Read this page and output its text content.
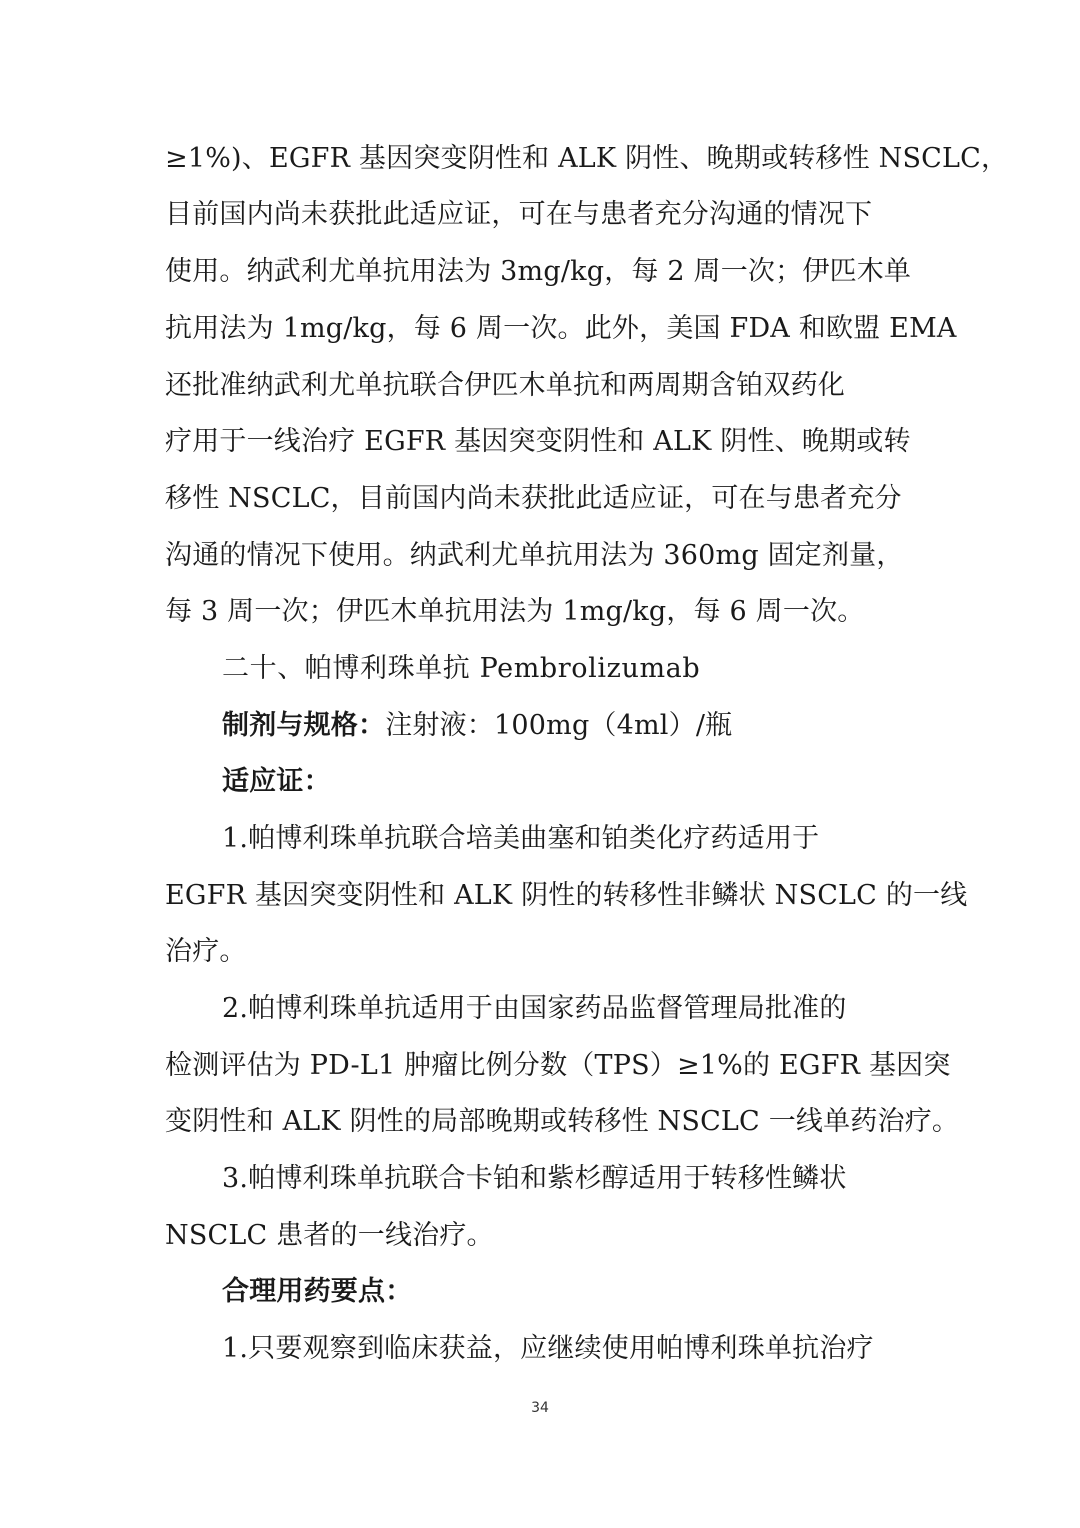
≥1%)、EGFR 基因突变阴性和 ALK 阴性、晚期或转移性 NSCLC，
目前国内尚未获批此适应证，可在与患者充分沟通的情况下
使用。纳武利尤单抗用法为 3mg/kg，每 2 周一次；伊匹木单
抗用法为 1mg/kg，每 6 周一次。此外，美国 FDA 和欧盟 EMA
还批准纳武利尤单抗联合伊匹木单抗和两周期含铂双药化
疗用于一线治疗 EGFR 基因突变阴性和 ALK 阴性、晚期或转
移性 NSCLC，目前国内尚未获批此适应证，可在与患者充分
沟通的情况下使用。纳武利尤单抗用法为 360mg 固定剂量，
每 3 周一次；伊匹木单抗用法为 1mg/kg，每 6 周一次。
二十、帕博利珠单抗 Pembrolizumab
制剂与规格：注射液：100mg（4ml）/瓶
适应证：
1.帕博利珠单抗联合培美曲塞和铂类化疗药适用于
EGFR 基因突变阴性和 ALK 阴性的转移性非鳞状 NSCLC 的一线
治疗。
2.帕博利珠单抗适用于由国家药品监督管理局批准的
检测评估为 PD-L1 肿瘤比例分数（TPS）≥1%的 EGFR 基因突
变阴性和 ALK 阴性的局部晚期或转移性 NSCLC 一线单药治疗。
3.帕博利珠单抗联合卡铂和紫杉醇适用于转移性鳞状
NSCLC 患者的一线治疗。
合理用药要点：
1.只要观察到临床获益，应继续使用帕博利珠单抗治疗
34
